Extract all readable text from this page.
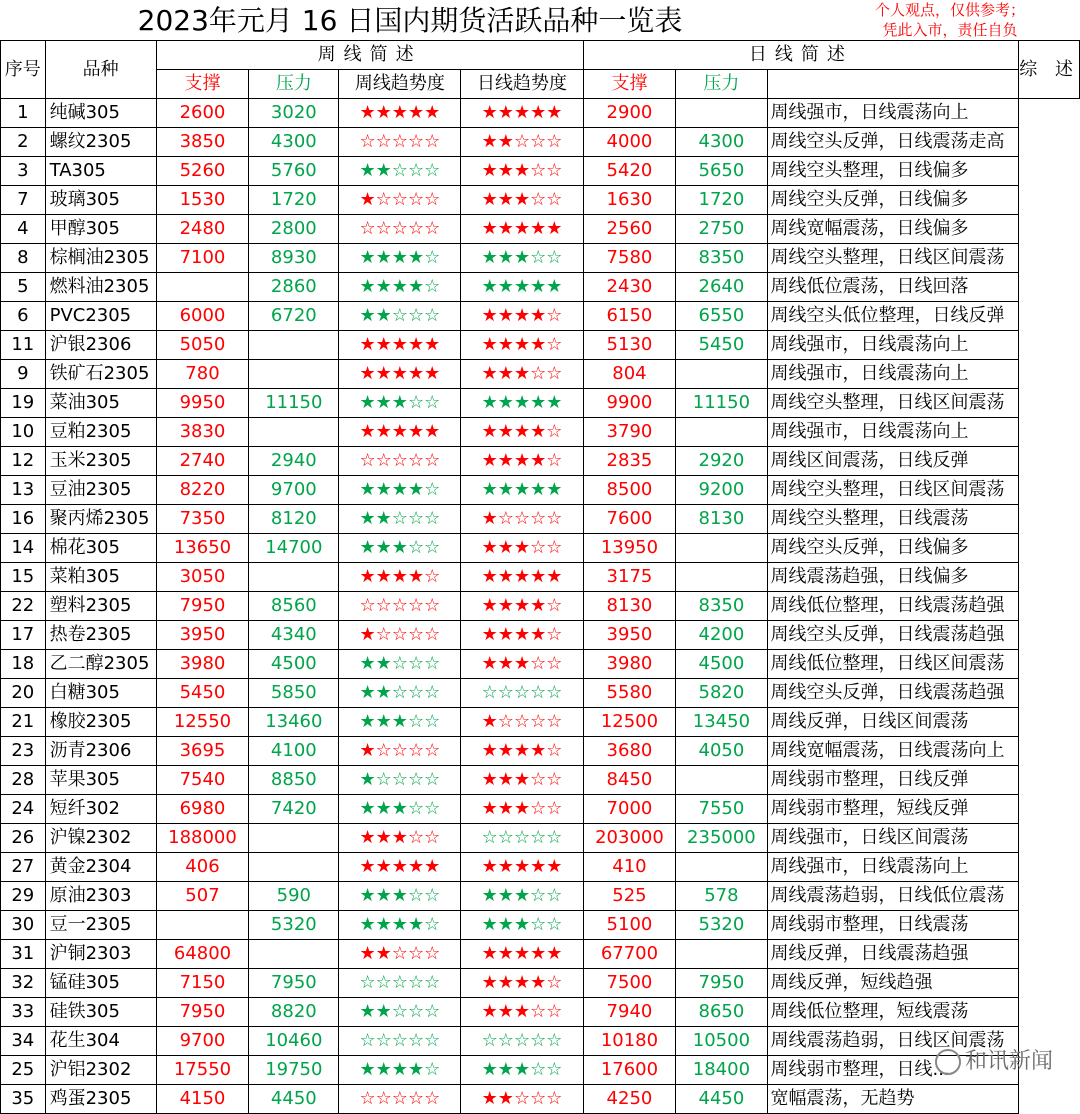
2023年元月 16 日国内期货活跃品种一览表	个人观点，仅供参考；
凭此入市，责任自负
序号	品种	周线简述				日线简述			综 述
		支撑	压力	周线趋势度	日线趋势度	支撑	压力		
1	纯碱305	2600	3020	★★★★★	★★★★★	2900		周线强市，日线震荡向上	
2	螺纹2305	3850	4300	☆☆☆☆☆	★★☆☆☆	4000	4300	周线空头反弹，日线震荡走高	
3	TA305	5260	5760	★★☆☆☆	★★★☆☆	5420	5650	周线空头整理，日线偏多	
7	玻璃305	1530	1720	★☆☆☆☆	★★★☆☆	1630	1720	周线空头反弹，日线偏多	
4	甲醇305	2480	2800	☆☆☆☆☆	★★★★★	2560	2750	周线宽幅震荡，日线偏多	
8	棕榈油2305	7100	8930	★★★★☆	★★★☆☆	7580	8350	周线空头整理，日线区间震荡	
5	燃料油2305		2860	★★★★☆	★★★★★	2430	2640	周线低位震荡，日线回落	
6	PVC2305	6000	6720	★★☆☆☆	★★★★☆	6150	6550	周线空头低位整理，日线反弹	
11	沪银2306	5050		★★★★★	★★★★☆	5130	5450	周线强市，日线震荡向上	
9	铁矿石2305	780		★★★★★	★★★☆☆	804		周线强市，日线震荡向上	
19	菜油305	9950	11150	★★★☆☆	★★★★★	9900	11150	周线空头整理，日线区间震荡	
10	豆粕2305	3830		★★★★★	★★★★☆	3790		周线强市，日线震荡向上	
12	玉米2305	2740	2940	☆☆☆☆☆	★★★★☆	2835	2920	周线区间震荡，日线反弹	
13	豆油2305	8220	9700	★★★★☆	★★★★★	8500	9200	周线空头整理，日线区间震荡	
16	聚丙烯2305	7350	8120	★★☆☆☆	★☆☆☆☆	7600	8130	周线空头整理，日线震荡	
14	棉花305	13650	14700	★★★☆☆	★★★☆☆	13950		周线空头反弹，日线偏多	
15	菜粕305	3050		★★★★☆	★★★★★	3175		周线震荡趋强，日线偏多	
22	塑料2305	7950	8560	☆☆☆☆☆	★★★★☆	8130	8350	周线低位整理，日线震荡趋强	
17	热卷2305	3950	4340	★☆☆☆☆	★★★★☆	3950	4200	周线空头反弹，日线震荡趋强	
18	乙二醇2305	3980	4500	★★☆☆☆	★★★☆☆	3980	4500	周线低位整理，日线区间震荡	
20	白糖305	5450	5850	★★☆☆☆	☆☆☆☆☆	5580	5820	周线空头反弹，日线震荡趋强	
21	橡胶2305	12550	13460	★★★☆☆	★☆☆☆☆	12500	13450	周线反弹，日线区间震荡	
23	沥青2306	3695	4100	★☆☆☆☆	★★★★☆	3680	4050	周线宽幅震荡，日线震荡向上	
28	苹果305	7540	8850	★☆☆☆☆	★★★☆☆	8450		周线弱市整理，日线反弹	
24	短纤302	6980	7420	★★★☆☆	★★★☆☆	7000	7550	周线弱市整理，短线反弹	
26	沪镍2302	188000		★★★☆☆	☆☆☆☆☆	203000	235000	周线强市，日线区间震荡	
27	黄金2304	406		★★★★★	★★★★★	410		周线强市，日线震荡向上	
29	原油2303	507	590	★★★☆☆	★★★☆☆	525	578	周线震荡趋弱，日线低位震荡	
30	豆一2305		5320	★★★★☆	★★★☆☆	5100	5320	周线弱市整理，日线震荡	
31	沪铜2303	64800		★★☆☆☆	★★★★★	67700		周线反弹，日线震荡趋强	
32	锰硅305	7150	7950	☆☆☆☆☆	★★★★☆	7500	7950	周线反弹，短线趋强	
33	硅铁305	7950	8820	★★☆☆☆	★★★☆☆	7940	8650	周线低位整理，短线震荡	
34	花生304	9700	10460	☆☆☆☆☆	☆☆☆☆☆	10180	10500	周线震荡趋弱，日线区间震荡	
25	沪铝2302	17550	19750	★★★★☆	★★★☆☆	17600	18400	周线弱市整理，日线...	
35	鸡蛋2305	4150	4450	☆☆☆☆☆	★★☆☆☆	4250	4450	宽幅震荡，无趋势	
和讯新闻
